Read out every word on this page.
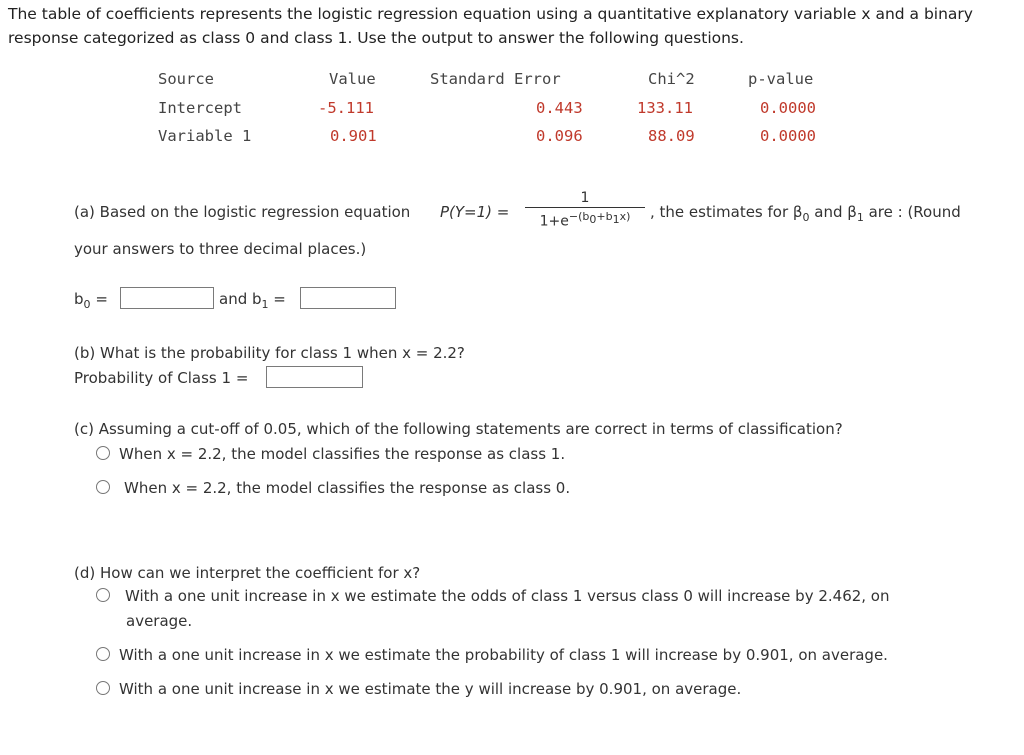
The table of coefficients represents the logistic regression equation using a quantitative explanatory variable x and a binary response categorized as class 0 and class 1. Use the output to answer the following questions.
Source	Value	Standard Error	Chi^2	p-value
Intercept	-5.111	0.443	133.11	0.0000
Variable 1	0.901	0.096	88.09	0.0000
(a) Based on the logistic regression equation $P(Y=1) = \frac{1}{1+e^{-(b_0+b_1x)}}$ , the estimates for $\beta_0$ and $\beta_1$ are : (Round
your answers to three decimal places.)
$b_0$ =	and $b_1$ =
(b) What is the probability for class 1 when x = 2.2?
Probability of Class 1 =
(c) Assuming a cut-off of 0.05, which of the following statements are correct in terms of classification?
When x = 2.2, the model classifies the response as class 1.
When x = 2.2, the model classifies the response as class 0.
(d) How can we interpret the coefficient for x?
With a one unit increase in x we estimate the odds of class 1 versus class 0 will increase by 2.462, on
average.
With a one unit increase in x we estimate the probability of class 1 will increase by 0.901, on average.
With a one unit increase in x we estimate the y will increase by 0.901, on average.
